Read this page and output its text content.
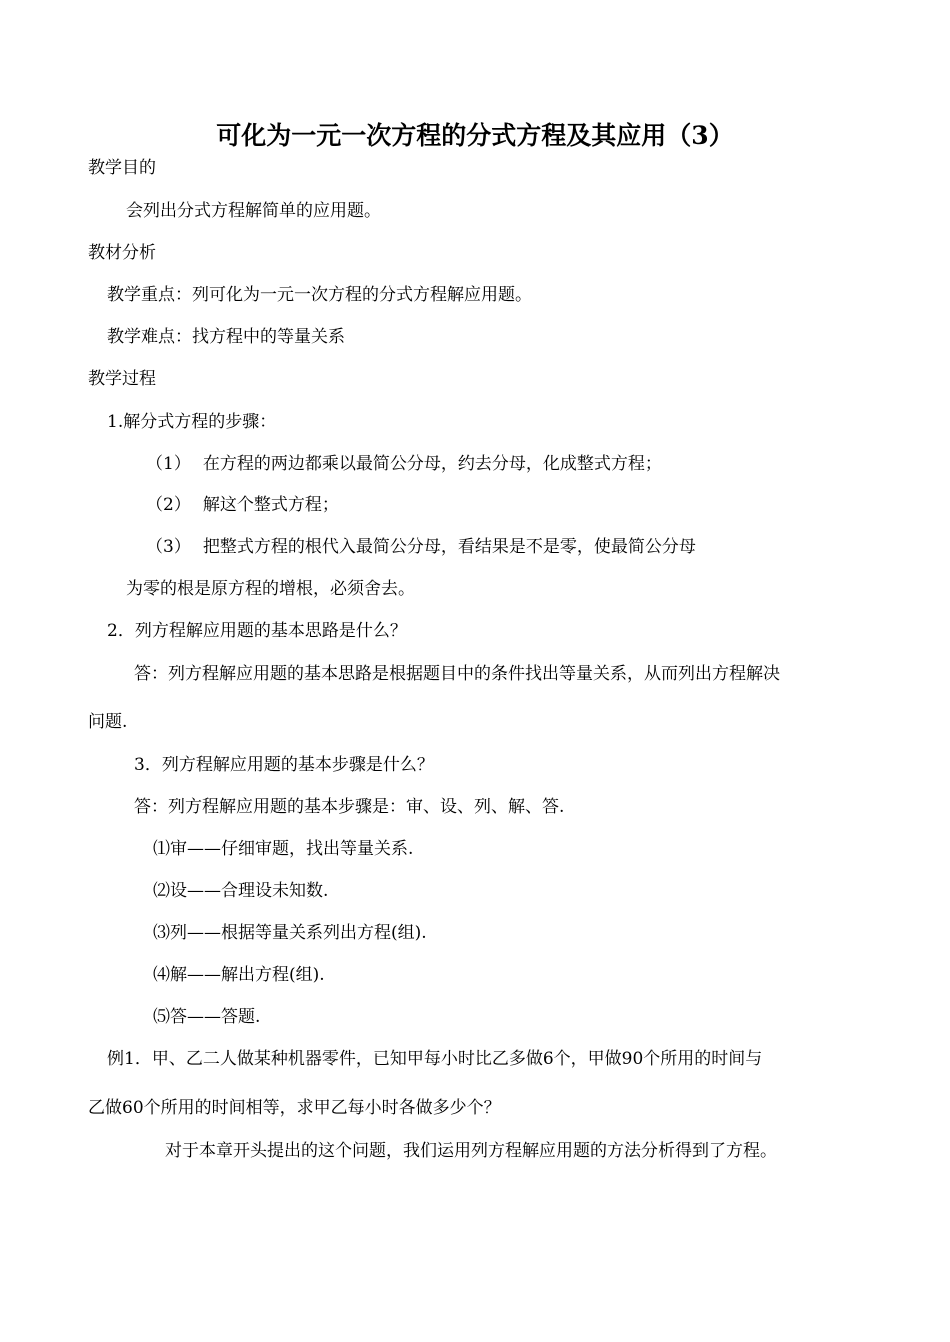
可化为一元一次方程的分式方程及其应用（3）
教学目的
会列出分式方程解简单的应用题。
教材分析
教学重点：列可化为一元一次方程的分式方程解应用题。
教学难点：找方程中的等量关系
教学过程
1.解分式方程的步骤：
（1） 在方程的两边都乘以最简公分母，约去分母，化成整式方程；
（2） 解这个整式方程；
（3） 把整式方程的根代入最简公分母，看结果是不是零，使最简公分母
为零的根是原方程的增根，必须舍去。
2．列方程解应用题的基本思路是什么？
答：列方程解应用题的基本思路是根据题目中的条件找出等量关系，从而列出方程解决
问题.
3．列方程解应用题的基本步骤是什么？
答：列方程解应用题的基本步骤是：审、设、列、解、答.
⑴审——仔细审题，找出等量关系.
⑵设——合理设未知数.
⑶列——根据等量关系列出方程(组).
⑷解——解出方程(组).
⑸答——答题.
例1．甲、乙二人做某种机器零件，已知甲每小时比乙多做6个，甲做90个所用的时间与
乙做60个所用的时间相等，求甲乙每小时各做多少个？
对于本章开头提出的这个问题，我们运用列方程解应用题的方法分析得到了方程。
